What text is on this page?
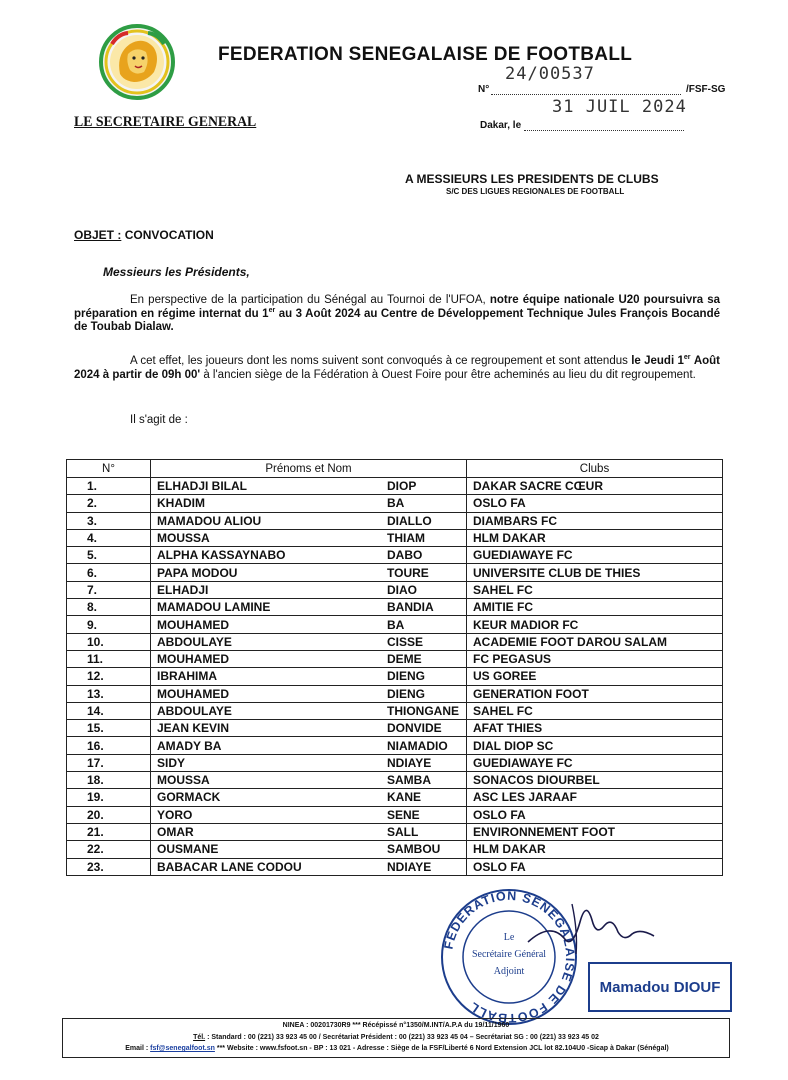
FEDERATION SENEGALAISE DE FOOTBALL
LE SECRETAIRE GENERAL
24/00537
N°	/FSF-SG
31 JUIL 2024
Dakar, le
A MESSIEURS LES PRESIDENTS DE CLUBS
S/C DES LIGUES REGIONALES DE FOOTBALL
OBJET : CONVOCATION
Messieurs les Présidents,
En perspective de la participation du Sénégal au Tournoi de l'UFOA, notre équipe nationale U20 poursuivra sa préparation en régime internat du 1er au 3 Août 2024 au Centre de Développement Technique Jules François Bocandé de Toubab Dialaw.
A cet effet, les joueurs dont les noms suivent sont convoqués à ce regroupement et sont attendus le Jeudi 1er Août 2024 à partir de 09h 00' à l'ancien siège de la Fédération à Ouest Foire pour être acheminés au lieu du dit regroupement.
Il s'agit de :
N°	Prénoms et Nom		Clubs
1.	ELHADJI BILAL	DIOP	DAKAR SACRE CŒUR
2.	KHADIM	BA	OSLO FA
3.	MAMADOU ALIOU	DIALLO	DIAMBARS FC
4.	MOUSSA	THIAM	HLM DAKAR
5.	ALPHA KASSAYNABO	DABO	GUEDIAWAYE FC
6.	PAPA MODOU	TOURE	UNIVERSITE CLUB DE THIES
7.	ELHADJI	DIAO	SAHEL FC
8.	MAMADOU LAMINE	BANDIA	AMITIE FC
9.	MOUHAMED	BA	KEUR MADIOR FC
10.	ABDOULAYE	CISSE	ACADEMIE FOOT DAROU SALAM
11.	MOUHAMED	DEME	FC PEGASUS
12.	IBRAHIMA	DIENG	US GOREE
13.	MOUHAMED	DIENG	GENERATION FOOT
14.	ABDOULAYE	THIONGANE	SAHEL FC
15.	JEAN KEVIN	DONVIDE	AFAT THIES
16.	AMADY BA	NIAMADIO	DIAL DIOP SC
17.	SIDY	NDIAYE	GUEDIAWAYE FC
18.	MOUSSA	SAMBA	SONACOS DIOURBEL
19.	GORMACK	KANE	ASC LES JARAAF
20.	YORO	SENE	OSLO FA
21.	OMAR	SALL	ENVIRONNEMENT FOOT
22.	OUSMANE	SAMBOU	HLM DAKAR
23.	BABACAR LANE CODOU	NDIAYE	OSLO FA
FEDERATION SENEGALAISE DE FOOTBALL
Le
Secrétaire Général
Adjoint
Mamadou DIOUF
NINEA : 00201730R9 *** Récépissé n°1350/M.INT/A.P.A du 19/11/1960
Tél. : Standard : 00 (221) 33 923 45 00 / Secrétariat Président : 00 (221) 33 923 45 04 – Secrétariat SG : 00 (221) 33 923 45 02
Email : fsf@senegalfoot.sn *** Website : www.fsfoot.sn - BP : 13 021 - Adresse : Siège de la FSF/Liberté 6 Nord Extension JCL lot 82.104U0 -Sicap à Dakar (Sénégal)
